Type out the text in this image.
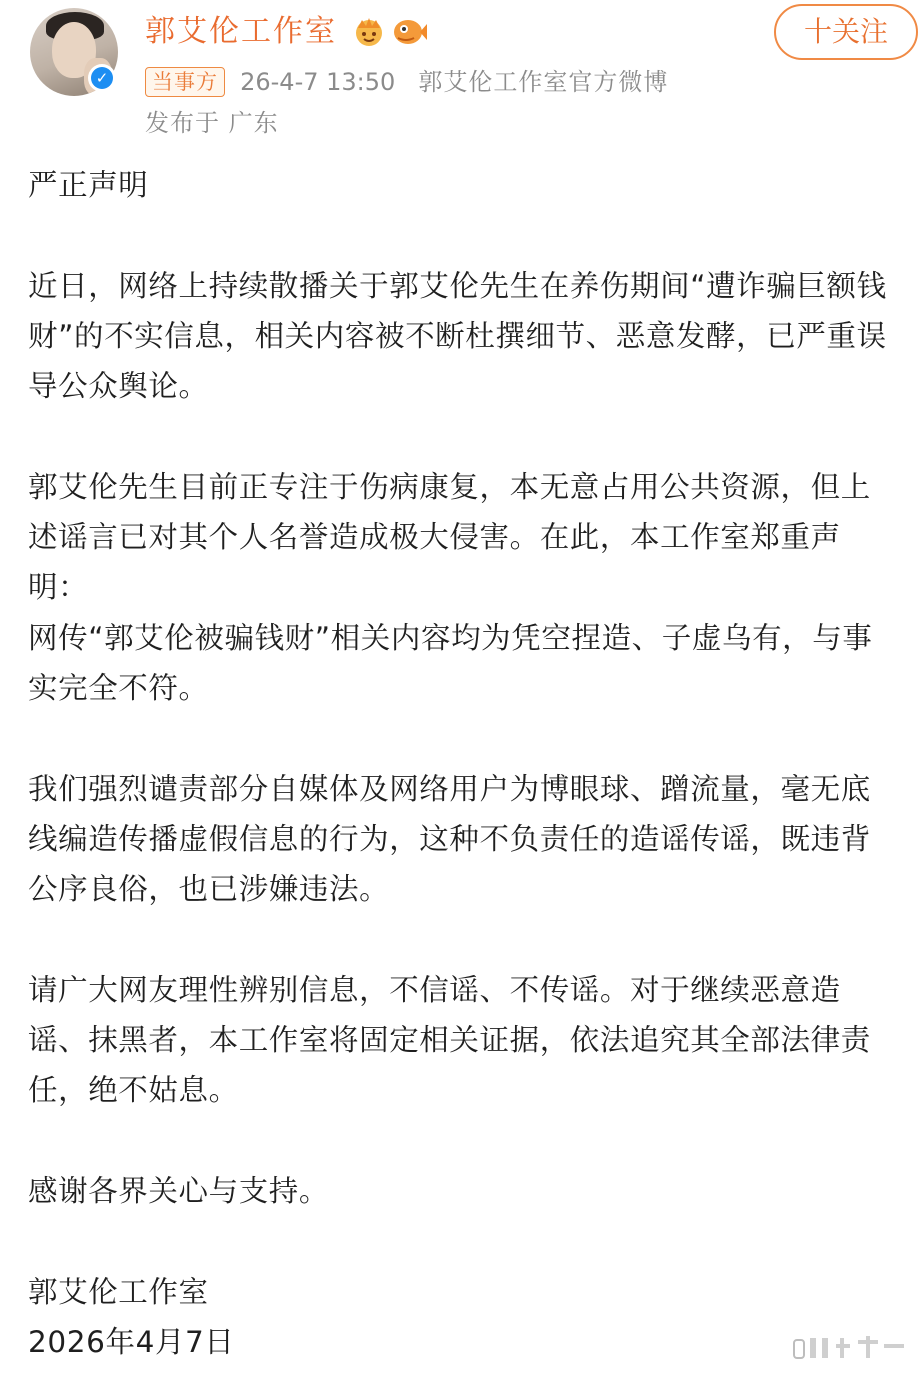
✓
郭艾伦工作室	十关注
当事方 26-4-7 13:50 郭艾伦工作室官方微博
发布于 广东

严正声明

近日，网络上持续散播关于郭艾伦先生在养伤期间“遭诈骗巨额钱财”的不实信息，相关内容被不断杜撰细节、恶意发酵，已严重误导公众舆论。

郭艾伦先生目前正专注于伤病康复，本无意占用公共资源，但上述谣言已对其个人名誉造成极大侵害。在此，本工作室郑重声明：

网传“郭艾伦被骗钱财”相关内容均为凭空捏造、子虚乌有，与事实完全不符。

我们强烈谴责部分自媒体及网络用户为博眼球、蹭流量，毫无底线编造传播虚假信息的行为，这种不负责任的造谣传谣，既违背公序良俗，也已涉嫌违法。

请广大网友理性辨别信息，不信谣、不传谣。对于继续恶意造谣、抹黑者，本工作室将固定相关证据，依法追究其全部法律责任，绝不姑息。

感谢各界关心与支持。

郭艾伦工作室

2026年4月7日
